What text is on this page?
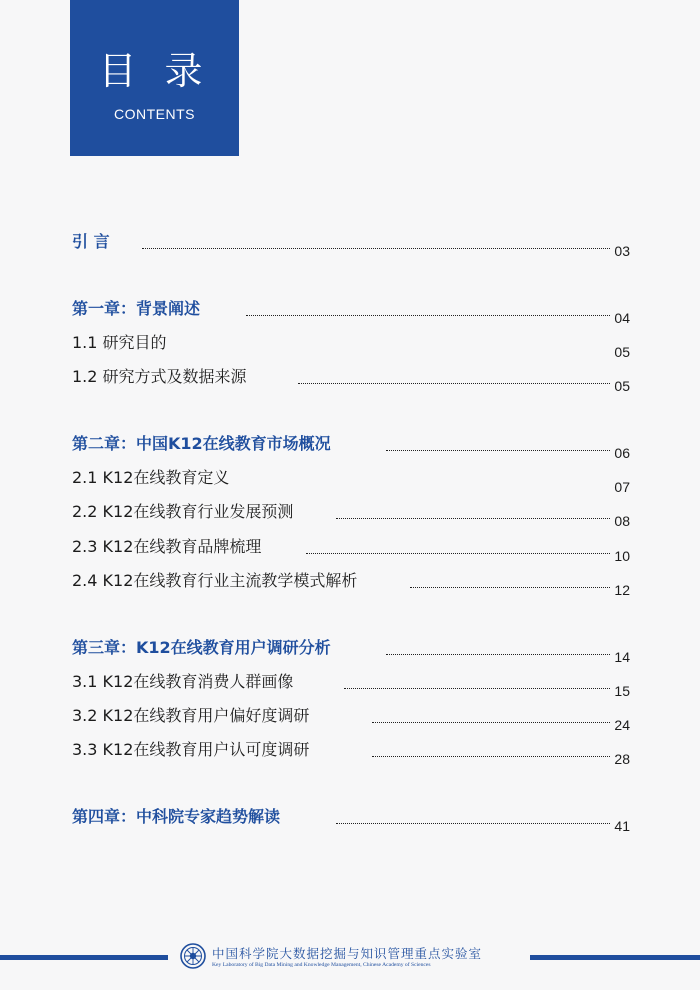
目 录
CONTENTS
引 言	03
第一章：背景阐述	04
1.1 研究目的	05
1.2 研究方式及数据来源	05
第二章：中国K12在线教育市场概况	06
2.1 K12在线教育定义	07
2.2 K12在线教育行业发展预测	08
2.3 K12在线教育品牌梳理	10
2.4 K12在线教育行业主流教学模式解析	12
第三章：K12在线教育用户调研分析	14
3.1 K12在线教育消费人群画像	15
3.2 K12在线教育用户偏好度调研	24
3.3 K12在线教育用户认可度调研	28
第四章：中科院专家趋势解读	41
中国科学院大数据挖掘与知识管理重点实验室
Key Laboratory of Big Data Mining and Knowledge Management, Chinese Academy of Sciences
